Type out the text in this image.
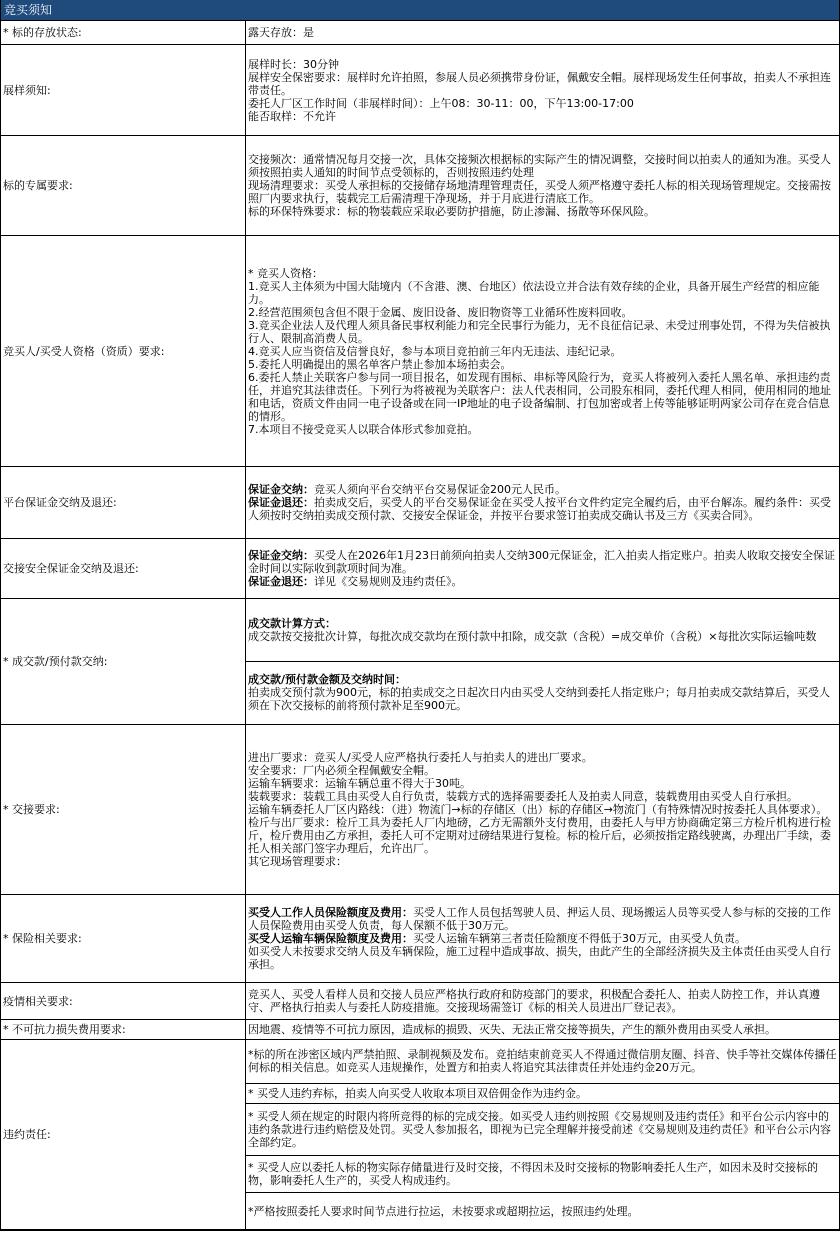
竞买须知
* 标的存放状态:	露天存放：是

展样须知:	
展样时长：30分钟
展样安全保密要求：展样时允许拍照，参展人员必须携带身份证，佩戴安全帽。展样现场发生任何事故，拍卖人不承担连带责任。
委托人厂区工作时间（非展样时间）：上午08：30-11：00，下午13:00-17:00
能否取样：不允许

标的专属要求:	
交接频次：通常情况每月交接一次，具体交接频次根据标的实际产生的情况调整，交接时间以拍卖人的通知为准。买受人须按照拍卖人通知的时间节点受领标的，否则按照违约处理
现场清理要求：买受人承担标的交接储存场地清理管理责任，买受人须严格遵守委托人标的相关现场管理规定。交接需按照厂内要求执行，装载完工后需清理干净现场，并于月底进行清底工作。
标的环保特殊要求：标的物装载应采取必要防护措施，防止渗漏、扬散等环保风险。

竞买人/买受人资格（资质）要求:	
* 竞买人资格：
1.竞买人主体须为中国大陆境内（不含港、澳、台地区）依法设立并合法有效存续的企业，具备开展生产经营的相应能力。
2.经营范围须包含但不限于金属、废旧设备、废旧物资等工业循环性废料回收。
3.竞买企业法人及代理人须具备民事权利能力和完全民事行为能力，无不良征信记录、未受过刑事处罚，不得为失信被执行人、限制高消费人员。
4.竞买人应当资信及信誉良好，参与本项目竞拍前三年内无违法、违纪记录。
5.委托人明确提出的黑名单客户禁止参加本场拍卖会。
6.委托人禁止关联客户参与同一项目报名，如发现有围标、串标等风险行为，竞买人将被列入委托人黑名单、承担违约责任，并追究其法律责任。下列行为将被视为关联客户：法人代表相同，公司股东相同，委托代理人相同，使用相同的地址和电话，资质文件由同一电子设备或在同一IP地址的电子设备编制、打包加密或者上传等能够证明两家公司存在竞合信息的情形。
7.本项目不接受竞买人以联合体形式参加竞拍。

平台保证金交纳及退还:	
保证金交纳：竞买人须向平台交纳平台交易保证金200元人民币。
保证金退还：拍卖成交后，买受人的平台交易保证金在买受人按平台文件约定完全履约后，由平台解冻。履约条件：买受人须按时交纳拍卖成交预付款、交接安全保证金，并按平台要求签订拍卖成交确认书及三方《买卖合同》。

交接安全保证金交纳及退还:	
保证金交纳：买受人在2026年1月23日前须向拍卖人交纳300元保证金，汇入拍卖人指定账户。拍卖人收取交接安全保证金时间以实际收到款项时间为准。
保证金退还：详见《交易规则及违约责任》。

* 成交款/预付款交纳:	
成交款计算方式：
成交款按交接批次计算，每批次成交款均在预付款中扣除，成交款（含税）=成交单价（含税）×每批次实际运输吨数

成交款/预付款金额及交纳时间：
拍卖成交预付款为900元，标的拍卖成交之日起次日内由买受人交纳到委托人指定账户；每月拍卖成交款结算后，买受人须在下次交接标的前将预付款补足至900元。

* 交接要求:	
进出厂要求：竞买人/买受人应严格执行委托人与拍卖人的进出厂要求。
安全要求：厂内必须全程佩戴安全帽。
运输车辆要求：运输车辆总重不得大于30吨。
装载要求：装载工具由买受人自行负责，装载方式的选择需要委托人及拍卖人同意，装载费用由买受人自行承担。
运输车辆委托人厂区内路线：（进）物流门→标的存储区（出）标的存储区→物流门（有特殊情况时按委托人具体要求）。
检斤与出厂要求：检斤工具为委托人厂内地磅，乙方无需额外支付费用，由委托人与甲方协商确定第三方检斤机构进行检斤，检斤费用由乙方承担，委托人可不定期对过磅结果进行复检。标的检斤后，必须按指定路线驶离，办理出厂手续，委托人相关部门签字办理后，允许出厂。
其它现场管理要求：

* 保险相关要求:	
买受人工作人员保险额度及费用：买受人工作人员包括驾驶人员、押运人员、现场搬运人员等买受人参与标的交接的工作人员保险费用由买受人负责，每人保额不低于30万元。
买受人运输车辆保险额度及费用：买受人运输车辆第三者责任险额度不得低于30万元，由买受人负责。
如买受人未按要求交纳人员及车辆保险，施工过程中造成事故、损失，由此产生的全部经济损失及主体责任由买受人自行承担。

疫情相关要求:	竞买人、买受人看样人员和交接人员应严格执行政府和防疫部门的要求，积极配合委托人、拍卖人防控工作，并认真遵守、严格执行拍卖人与委托人防疫措施。交接现场需签订《标的相关人员进出厂登记表》。

* 不可抗力损失费用要求:	因地震、疫情等不可抗力原因，造成标的损毁、灭失、无法正常交接等损失，产生的额外费用由买受人承担。

违约责任:	
*标的所在涉密区域内严禁拍照、录制视频及发布。竞拍结束前竞买人不得通过微信朋友圈、抖音、快手等社交媒体传播任何标的相关信息。如竞买人违规操作，处置方和拍卖人将追究其法律责任并处违约金20万元。
* 买受人违约弃标，拍卖人向买受人收取本项目双倍佣金作为违约金。
* 买受人须在规定的时限内将所竞得的标的完成交接。如买受人违约则按照《交易规则及违约责任》和平台公示内容中的违约条款进行违约赔偿及处罚。买受人参加报名，即视为已完全理解并接受前述《交易规则及违约责任》和平台公示内容全部约定。
* 买受人应以委托人标的物实际存储量进行及时交接，不得因未及时交接标的物影响委托人生产，如因未及时交接标的物，影响委托人生产的，买受人构成违约。
*严格按照委托人要求时间节点进行拉运，未按要求或超期拉运，按照违约处理。
